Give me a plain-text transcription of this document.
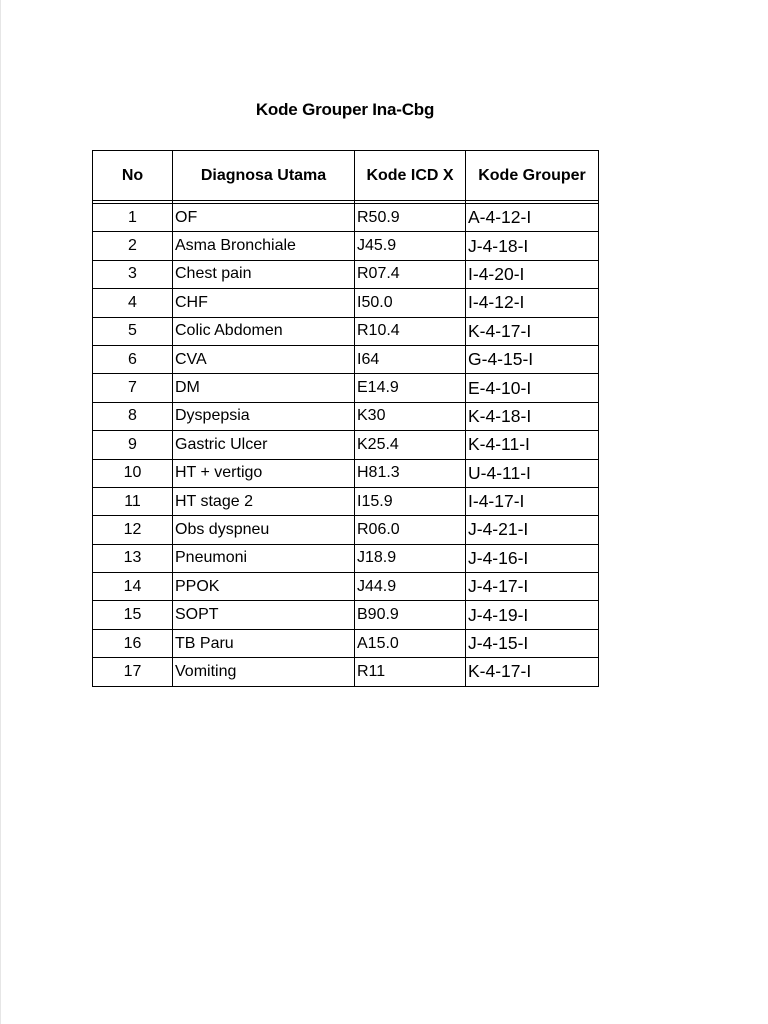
Kode Grouper Ina-Cbg
No	Diagnosa Utama	Kode ICD X	Kode Grouper

1	OF	R50.9	A-4-12-I
2	Asma Bronchiale	J45.9	J-4-18-I
3	Chest pain	R07.4	I-4-20-I
4	CHF	I50.0	I-4-12-I
5	Colic Abdomen	R10.4	K-4-17-I
6	CVA	I64	G-4-15-I
7	DM	E14.9	E-4-10-I
8	Dyspepsia	K30	K-4-18-I
9	Gastric Ulcer	K25.4	K-4-11-I
10	HT + vertigo	H81.3	U-4-11-I
11	HT stage 2	I15.9	I-4-17-I
12	Obs dyspneu	R06.0	J-4-21-I
13	Pneumoni	J18.9	J-4-16-I
14	PPOK	J44.9	J-4-17-I
15	SOPT	B90.9	J-4-19-I
16	TB Paru	A15.0	J-4-15-I
17	Vomiting	R11	K-4-17-I
